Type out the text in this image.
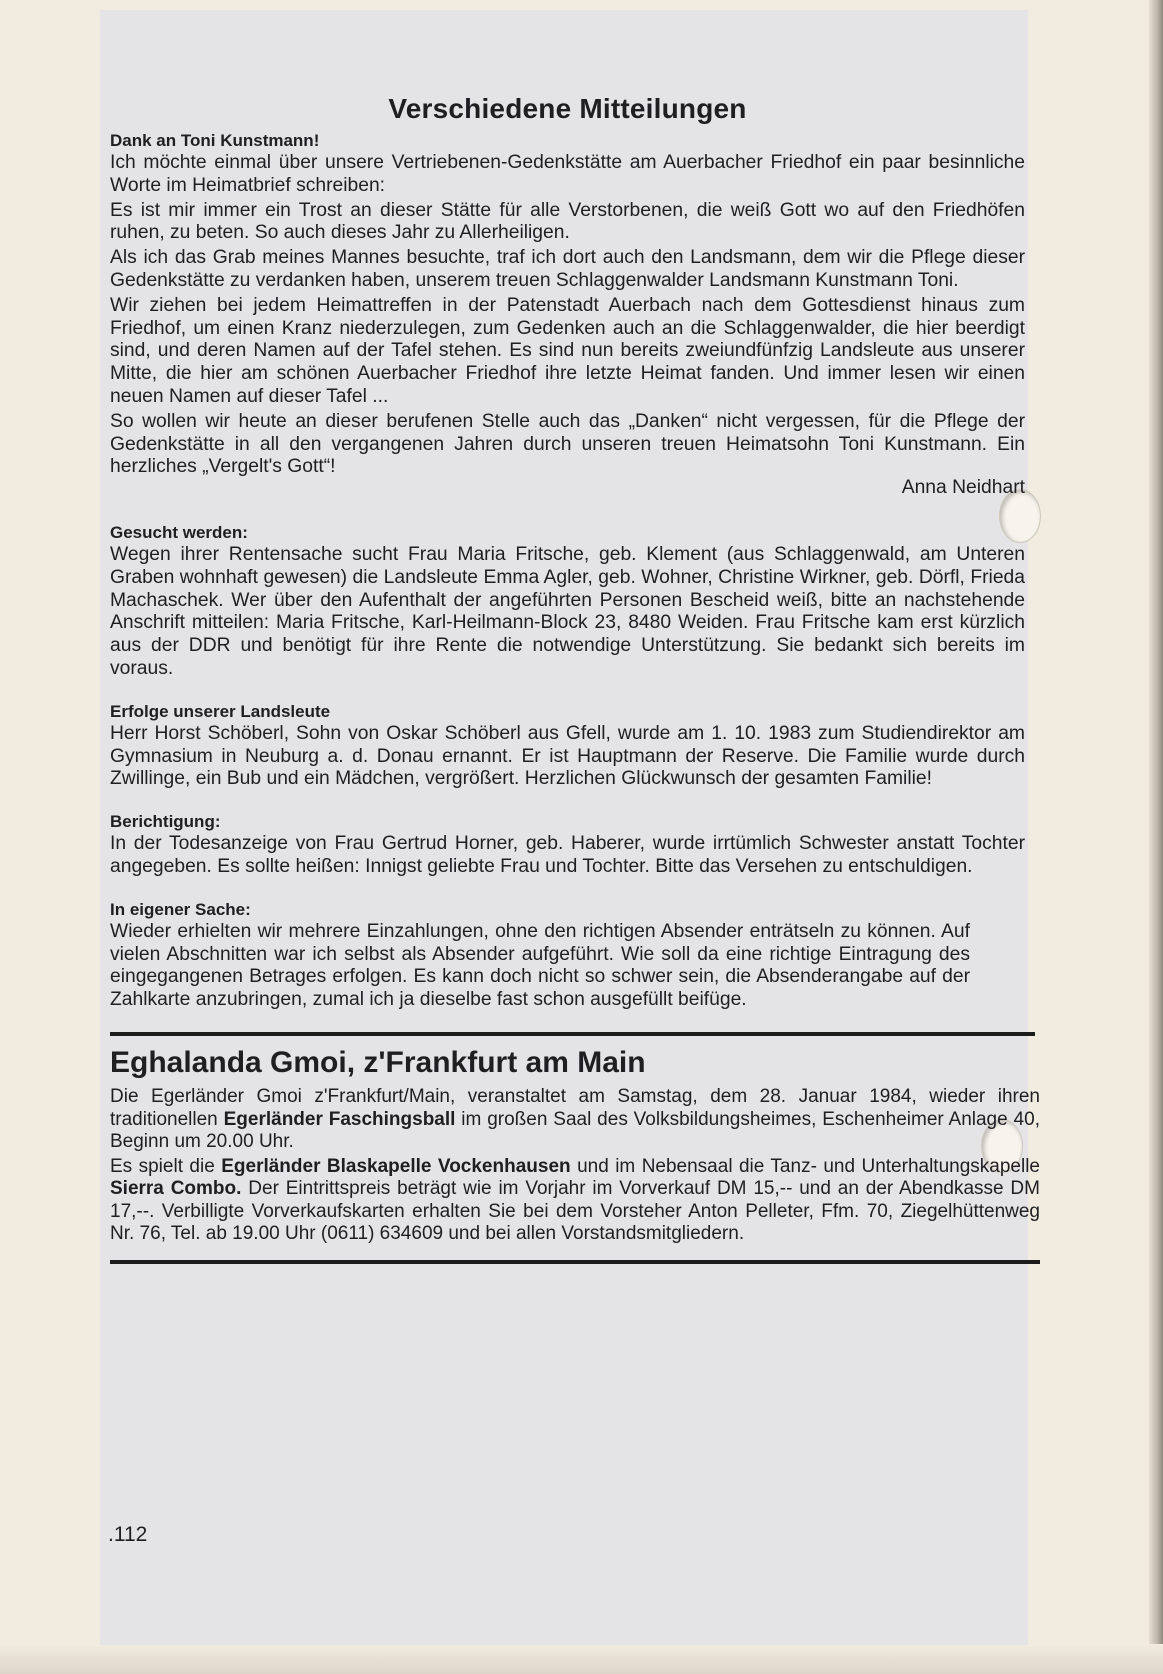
Verschiedene Mitteilungen
Dank an Toni Kunstmann!

Ich möchte einmal über unsere Vertriebenen-Gedenkstätte am Auerbacher Friedhof ein paar besinnliche Worte im Heimatbrief schreiben:

Es ist mir immer ein Trost an dieser Stätte für alle Verstorbenen, die weiß Gott wo auf den Friedhöfen ruhen, zu beten. So auch dieses Jahr zu Allerheiligen.

Als ich das Grab meines Mannes besuchte, traf ich dort auch den Landsmann, dem wir die Pflege dieser Gedenkstätte zu verdanken haben, unserem treuen Schlaggenwalder Landsmann Kunstmann Toni.

Wir ziehen bei jedem Heimattreffen in der Patenstadt Auerbach nach dem Gottesdienst hinaus zum Friedhof, um einen Kranz niederzulegen, zum Gedenken auch an die Schlaggenwalder, die hier beerdigt sind, und deren Namen auf der Tafel stehen. Es sind nun bereits zweiundfünfzig Landsleute aus unserer Mitte, die hier am schönen Auerbacher Friedhof ihre letzte Heimat fanden. Und immer lesen wir einen neuen Namen auf dieser Tafel ...

So wollen wir heute an dieser berufenen Stelle auch das „Danken“ nicht vergessen, für die Pflege der Gedenkstätte in all den vergangenen Jahren durch unseren treuen Heimatsohn Toni Kunstmann. Ein herzliches „Vergelt's Gott“!

Anna Neidhart
Gesucht werden:

Wegen ihrer Rentensache sucht Frau Maria Fritsche, geb. Klement (aus Schlaggenwald, am Unteren Graben wohnhaft gewesen) die Landsleute Emma Agler, geb. Wohner, Christine Wirkner, geb. Dörfl, Frieda Machaschek. Wer über den Aufenthalt der angeführten Personen Bescheid weiß, bitte an nachstehende Anschrift mitteilen: Maria Fritsche, Karl-Heilmann-Block 23, 8480 Weiden. Frau Fritsche kam erst kürzlich aus der DDR und benötigt für ihre Rente die notwendige Unterstützung. Sie bedankt sich bereits im voraus.

Erfolge unserer Landsleute

Herr Horst Schöberl, Sohn von Oskar Schöberl aus Gfell, wurde am 1. 10. 1983 zum Studiendirektor am Gymnasium in Neuburg a. d. Donau ernannt. Er ist Hauptmann der Reserve. Die Familie wurde durch Zwillinge, ein Bub und ein Mädchen, vergrößert. Herzlichen Glückwunsch der gesamten Familie!

Berichtigung:

In der Todesanzeige von Frau Gertrud Horner, geb. Haberer, wurde irrtümlich Schwester anstatt Tochter angegeben. Es sollte heißen: Innigst geliebte Frau und Tochter. Bitte das Versehen zu entschuldigen.

In eigener Sache:

Wieder erhielten wir mehrere Einzahlungen, ohne den richtigen Absender enträtseln zu können. Auf vielen Abschnitten war ich selbst als Absender aufgeführt. Wie soll da eine richtige Eintragung des eingegangenen Betrages erfolgen. Es kann doch nicht so schwer sein, die Absenderangabe auf der Zahlkarte anzubringen, zumal ich ja dieselbe fast schon ausgefüllt beifüge.

Eghalanda Gmoi, z'Frankfurt am Main

Die Egerländer Gmoi z'Frankfurt/Main, veranstaltet am Samstag, dem 28. Januar 1984, wieder ihren traditionellen Egerländer Faschingsball im großen Saal des Volksbildungsheimes, Eschenheimer Anlage 40, Beginn um 20.00 Uhr.

Es spielt die Egerländer Blaskapelle Vockenhausen und im Nebensaal die Tanz- und Unterhaltungskapelle Sierra Combo. Der Eintrittspreis beträgt wie im Vorjahr im Vorverkauf DM 15,-- und an der Abendkasse DM 17,--. Verbilligte Vorverkaufskarten erhalten Sie bei dem Vorsteher Anton Pelleter, Ffm. 70, Ziegelhüttenweg Nr. 76, Tel. ab 19.00 Uhr (0611) 634609 und bei allen Vorstandsmitgliedern.

.112
